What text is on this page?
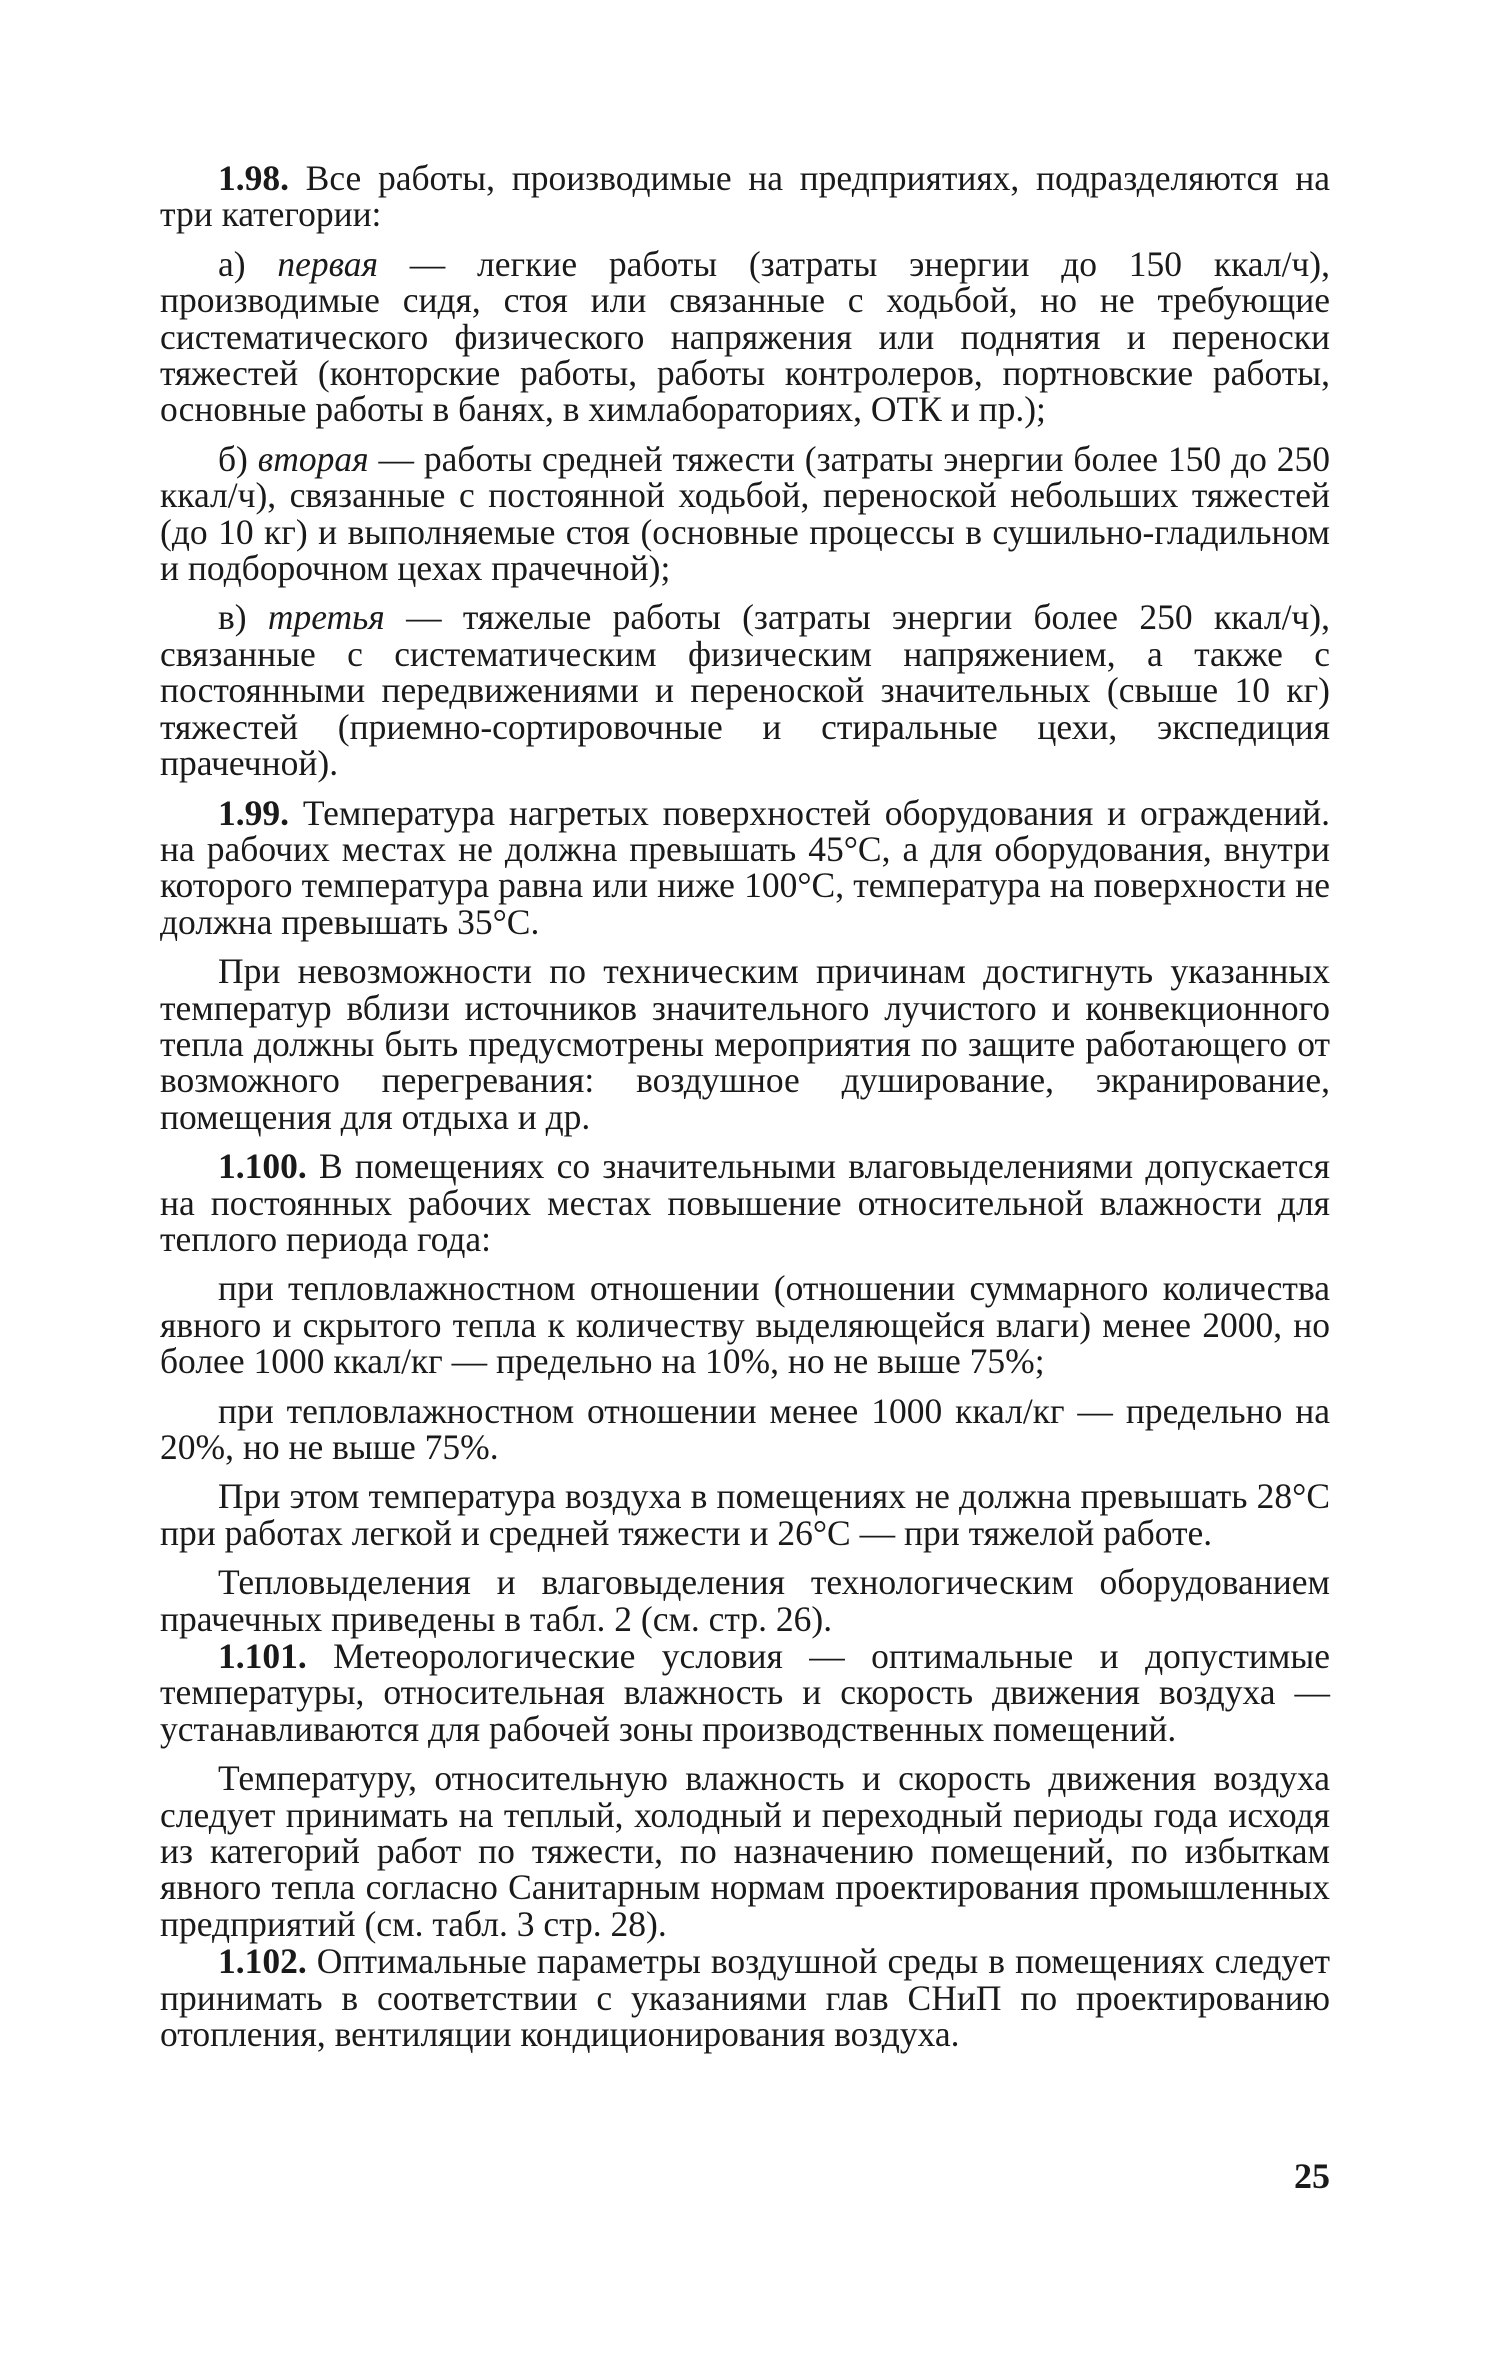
1.98. Все работы, производимые на предприятиях, подразделяются на три категории:

а) первая — легкие работы (затраты энергии до 150 ккал/ч), производимые сидя, стоя или связанные с ходьбой, но не требующие систематического физического напряжения или поднятия и переноски тяжестей (конторские работы, работы контролеров, портновские работы, основные работы в банях, в химлабораториях, ОТК и пр.);

б) вторая — работы средней тяжести (затраты энергии более 150 до 250 ккал/ч), связанные с постоянной ходьбой, переноской небольших тяжестей (до 10 кг) и выполняемые стоя (основные процессы в сушильно-гладильном и подборочном цехах прачечной);

в) третья — тяжелые работы (затраты энергии более 250 ккал/ч), связанные с систематическим физическим напряжением, а также с постоянными передвижениями и переноской значительных (свыше 10 кг) тяжестей (приемно-сортировочные и стиральные цехи, экспедиция прачечной).

1.99. Температура нагретых поверхностей оборудования и ограждений. на рабочих местах не должна превышать 45°С, а для оборудования, внутри которого температура равна или ниже 100°С, температура на поверхности не должна превышать 35°С.

При невозможности по техническим причинам достигнуть указанных температур вблизи источников значительного лучистого и конвекционного тепла должны быть предусмотрены мероприятия по защите работающего от возможного перегревания: воздушное душирование, экранирование, помещения для отдыха и др.

1.100. В помещениях со значительными влаговыделениями допускается на постоянных рабочих местах повышение относительной влажности для теплого периода года:

при тепловлажностном отношении (отношении суммарного количества явного и скрытого тепла к количеству выделяющейся влаги) менее 2000, но более 1000 ккал/кг — предельно на 10%, но не выше 75%;

при тепловлажностном отношении менее 1000 ккал/кг — предельно на 20%, но не выше 75%.

При этом температура воздуха в помещениях не должна превышать 28°С при работах легкой и средней тяжести и 26°С — при тяжелой работе.

Тепловыделения и влаговыделения технологическим оборудованием прачечных приведены в табл. 2 (см. стр. 26).

1.101. Метеорологические условия — оптимальные и допустимые температуры, относительная влажность и скорость движения воздуха — устанавливаются для рабочей зоны производственных помещений.

Температуру, относительную влажность и скорость движения воздуха следует принимать на теплый, холодный и переходный периоды года исходя из категорий работ по тяжести, по назначению помещений, по избыткам явного тепла согласно Санитарным нормам проектирования промышленных предприятий (см. табл. 3 стр. 28).

1.102. Оптимальные параметры воздушной среды в помещениях следует принимать в соответствии с указаниями глав СНиП по проектированию отопления, вентиляции кондиционирования воздуха.

25
